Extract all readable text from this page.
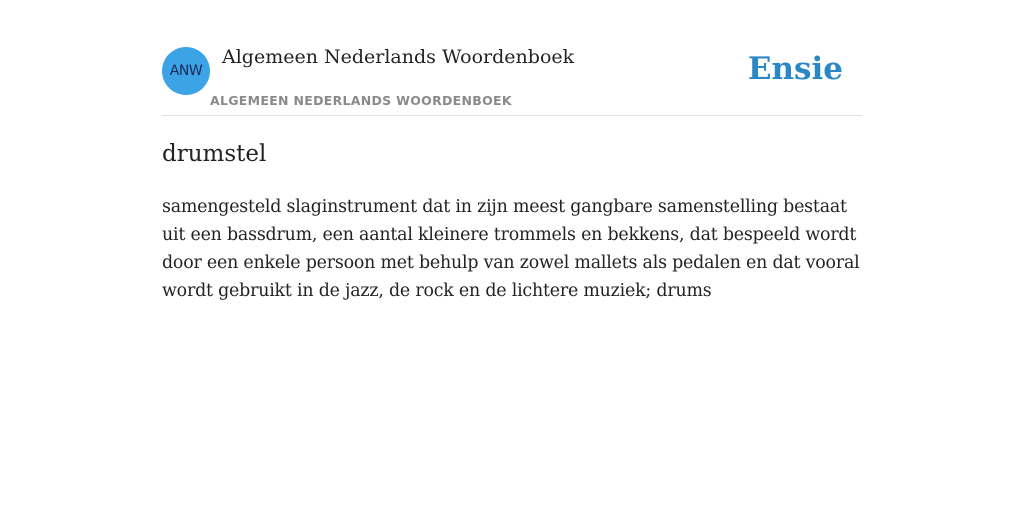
ANW
Algemeen Nederlands Woordenboek
ALGEMEEN NEDERLANDS WOORDENBOEK
Ensie
drumstel

samengesteld slaginstrument dat in zijn meest gangbare samenstelling bestaat uit een bassdrum, een aantal kleinere trommels en bekkens, dat bespeeld wordt door een enkele persoon met behulp van zowel mallets als pedalen en dat vooral wordt gebruikt in de jazz, de rock en de lichtere muziek; drums
